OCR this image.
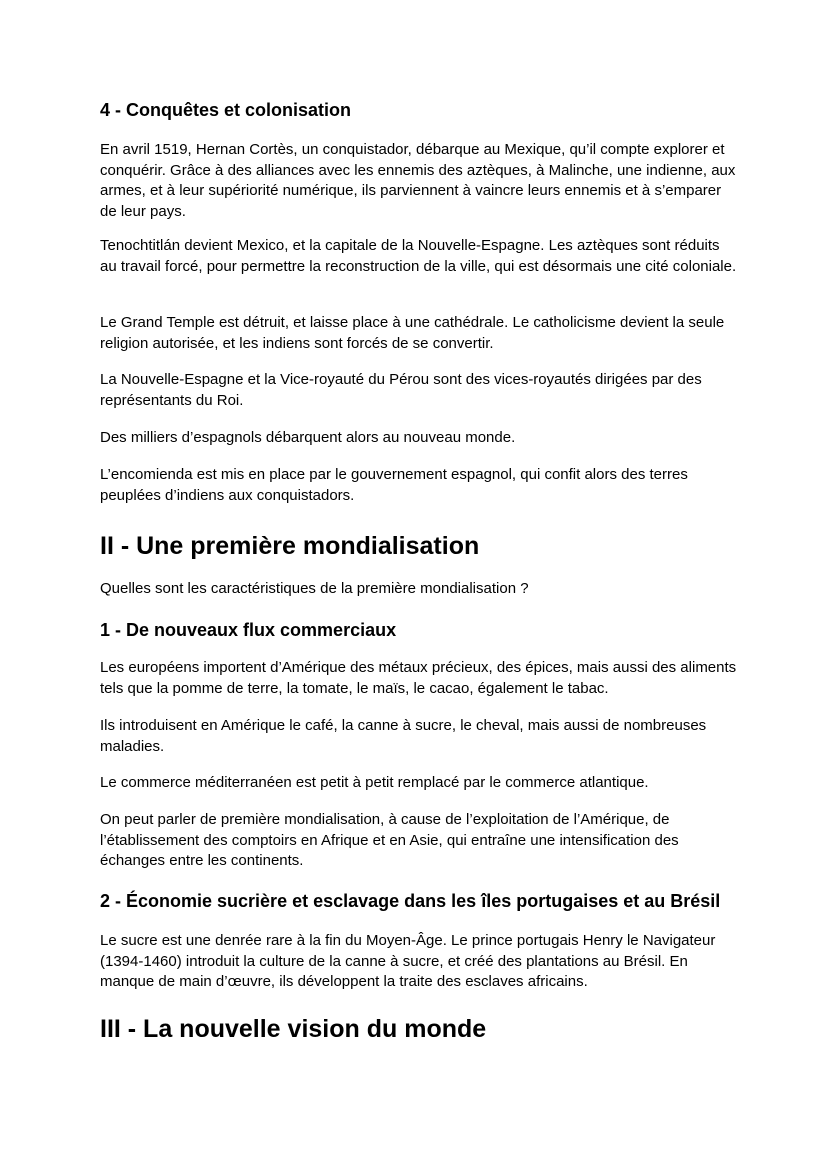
4 - Conquêtes et colonisation

En avril 1519, Hernan Cortès, un conquistador, débarque au Mexique, qu’il compte explorer et conquérir. Grâce à des alliances avec les ennemis des aztèques, à Malinche, une indienne, aux armes, et à leur supériorité numérique, ils parviennent à vaincre leurs ennemis et à s’emparer de leur pays.

Tenochtitlán devient Mexico, et la capitale de la Nouvelle-Espagne. Les aztèques sont réduits au travail forcé, pour permettre la reconstruction de la ville, qui est désormais une cité coloniale.

Le Grand Temple est détruit, et laisse place à une cathédrale. Le catholicisme devient la seule religion autorisée, et les indiens sont forcés de se convertir.

La Nouvelle-Espagne et la Vice-royauté du Pérou sont des vices-royautés dirigées par des représentants du Roi.

Des milliers d’espagnols débarquent alors au nouveau monde.

L’encomienda est mis en place par le gouvernement espagnol, qui confit alors des terres peuplées d’indiens aux conquistadors.

II - Une première mondialisation

Quelles sont les caractéristiques de la première mondialisation ?

1 - De nouveaux flux commerciaux

Les européens importent d’Amérique des métaux précieux, des épices, mais aussi des aliments tels que la pomme de terre, la tomate, le maïs, le cacao, également le tabac.

Ils introduisent en Amérique le café, la canne à sucre, le cheval, mais aussi de nombreuses maladies.

Le commerce méditerranéen est petit à petit remplacé par le commerce atlantique.

On peut parler de première mondialisation, à cause de l’exploitation de l’Amérique, de l’établissement des comptoirs en Afrique et en Asie, qui entraîne une intensification des échanges entre les continents.

2 - Économie sucrière et esclavage dans les îles portugaises et au Brésil

Le sucre est une denrée rare à la fin du Moyen-Âge. Le prince portugais Henry le Navigateur (1394-1460) introduit la culture de la canne à sucre, et créé des plantations au Brésil. En manque de main d’œuvre, ils développent la traite des esclaves africains.

III - La nouvelle vision du monde
